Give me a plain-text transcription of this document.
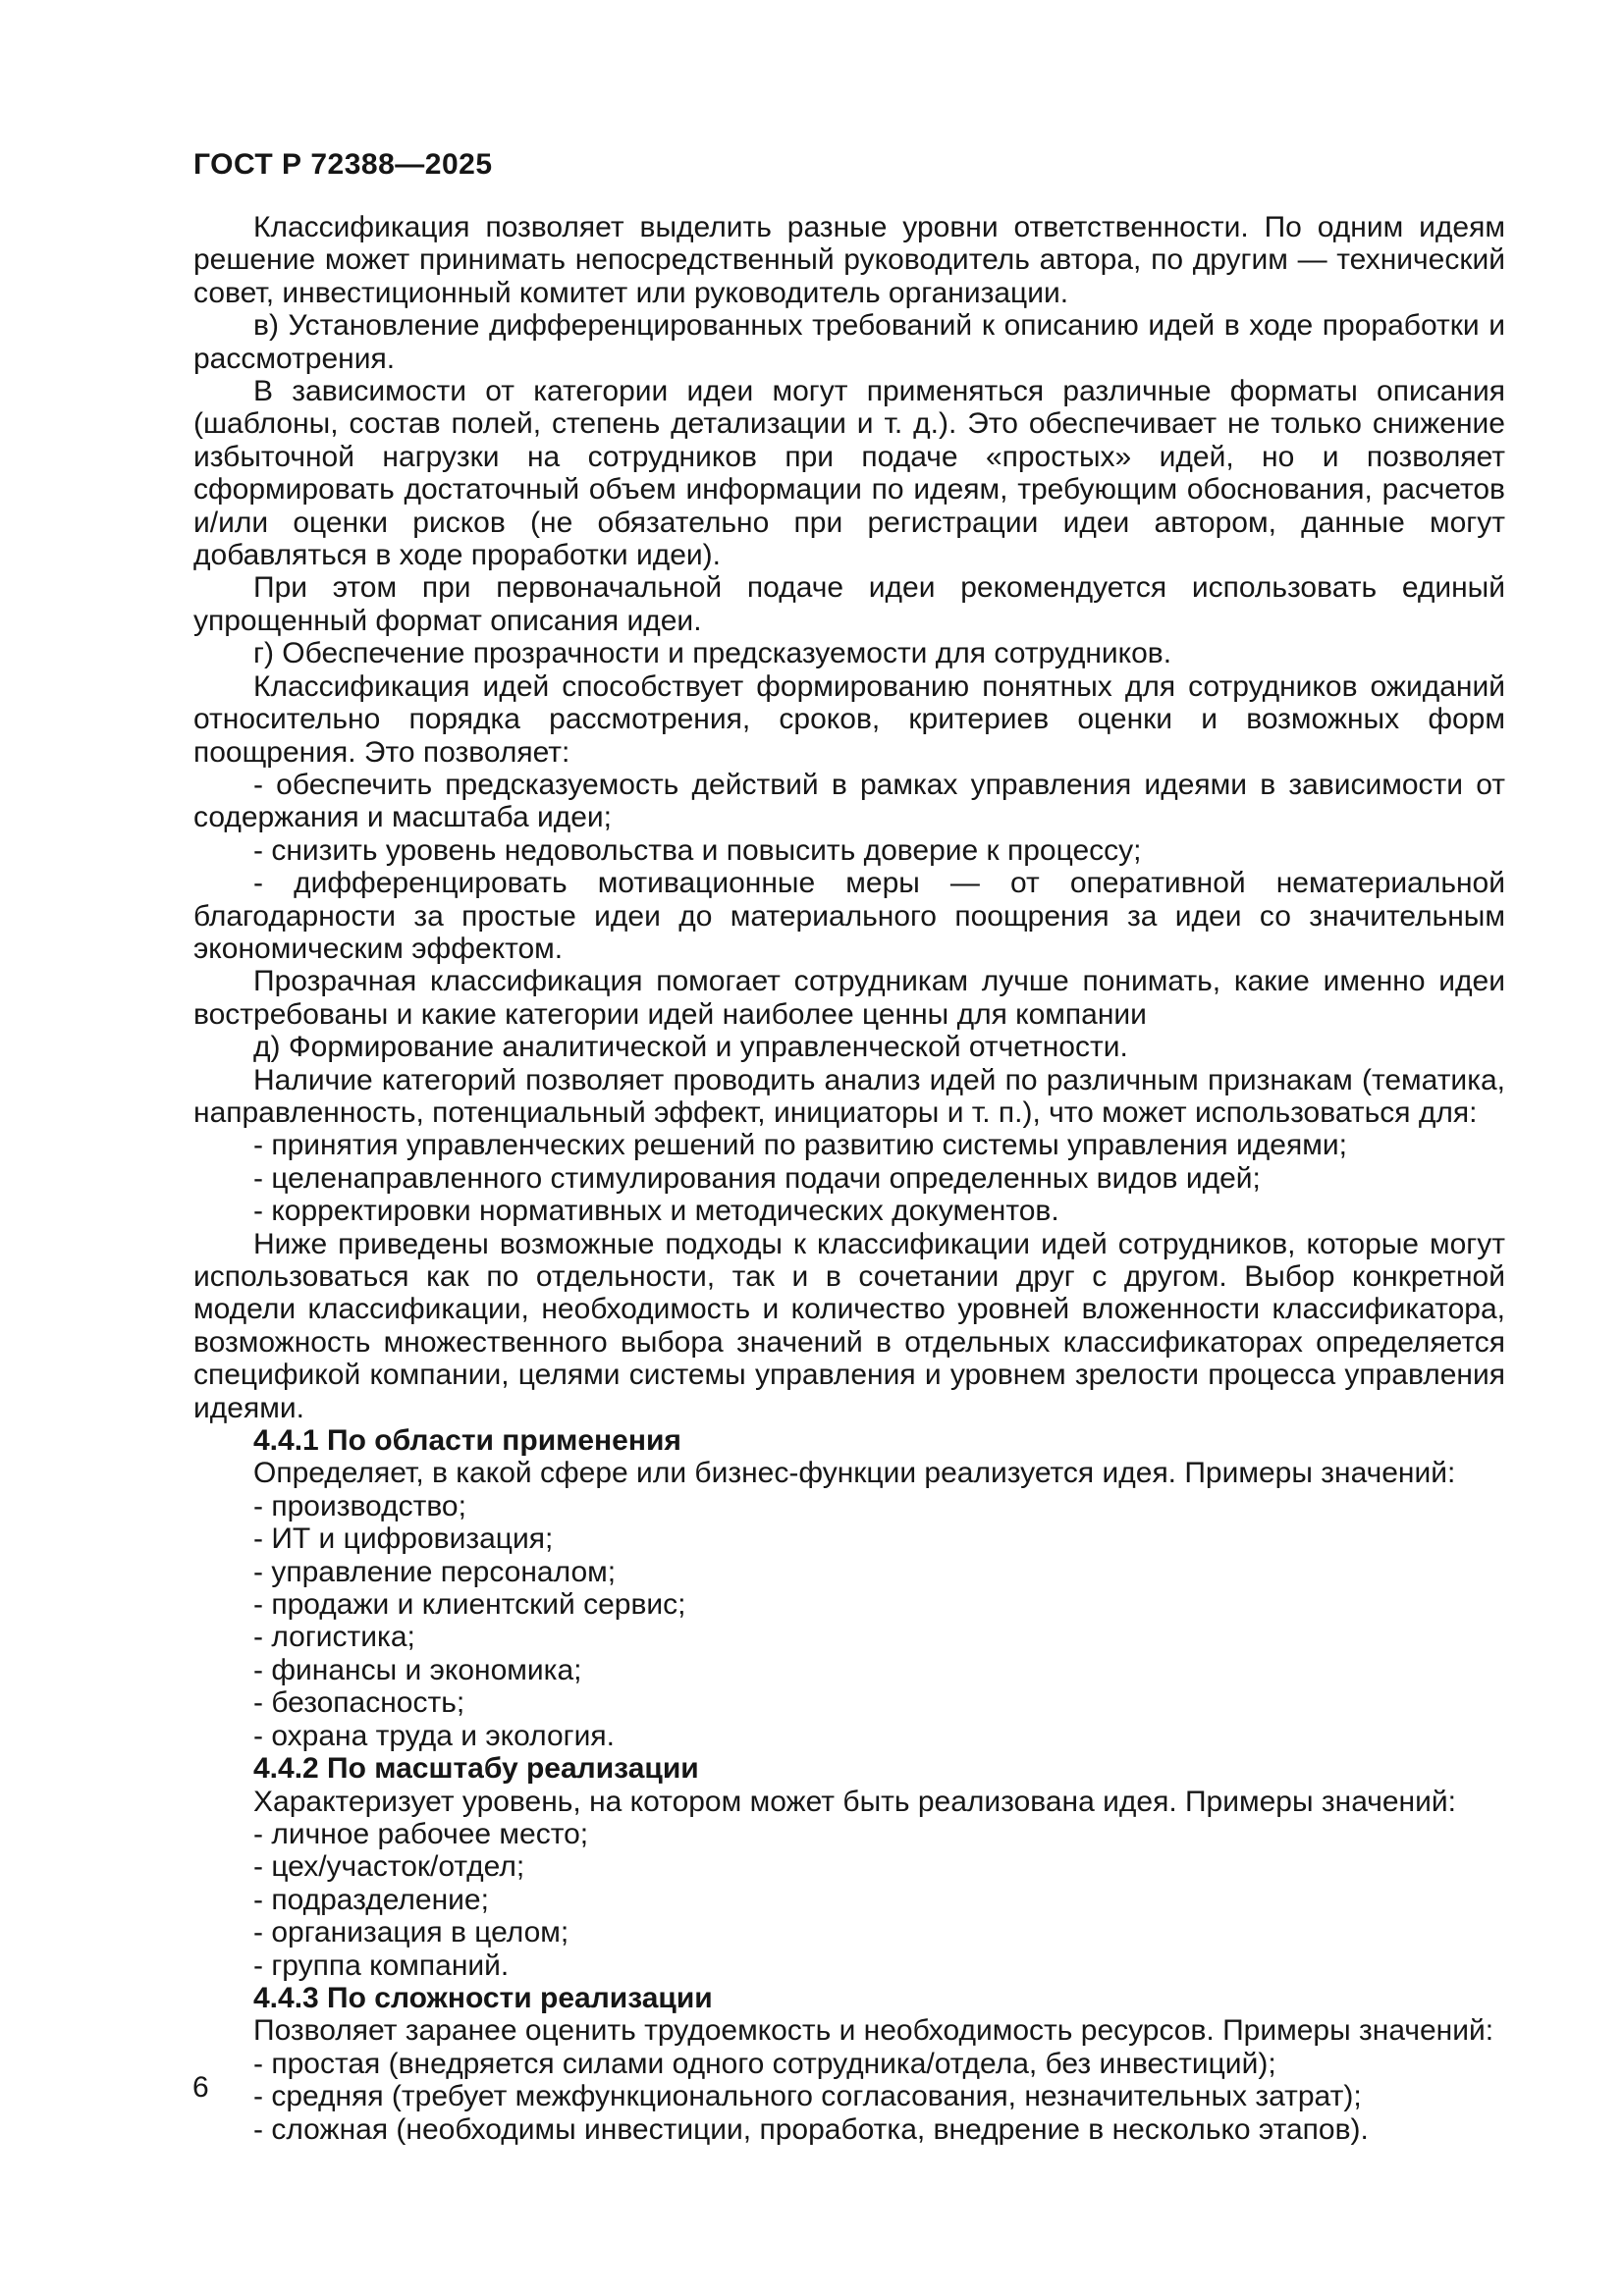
ГОСТ Р 72388—2025

Классификация позволяет выделить разные уровни ответственности. По одним идеям решение может принимать непосредственный руководитель автора, по другим — технический совет, инвестиционный комитет или руководитель организации.

в) Установление дифференцированных требований к описанию идей в ходе проработки и рассмотрения.

В зависимости от категории идеи могут применяться различные форматы описания (шаблоны, состав полей, степень детализации и т. д.). Это обеспечивает не только снижение избыточной нагрузки на сотрудников при подаче «простых» идей, но и позволяет сформировать достаточный объем информации по идеям, требующим обоснования, расчетов и/или оценки рисков (не обязательно при регистрации идеи автором, данные могут добавляться в ходе проработки идеи).

При этом при первоначальной подаче идеи рекомендуется использовать единый упрощенный формат описания идеи.

г) Обеспечение прозрачности и предсказуемости для сотрудников.

Классификация идей способствует формированию понятных для сотрудников ожиданий относительно порядка рассмотрения, сроков, критериев оценки и возможных форм поощрения. Это позволяет:

- обеспечить предсказуемость действий в рамках управления идеями в зависимости от содержания и масштаба идеи;

- снизить уровень недовольства и повысить доверие к процессу;

- дифференцировать мотивационные меры — от оперативной нематериальной благодарности за простые идеи до материального поощрения за идеи со значительным экономическим эффектом.

Прозрачная классификация помогает сотрудникам лучше понимать, какие именно идеи востребованы и какие категории идей наиболее ценны для компании

д) Формирование аналитической и управленческой отчетности.

Наличие категорий позволяет проводить анализ идей по различным признакам (тематика, направленность, потенциальный эффект, инициаторы и т. п.), что может использоваться для:

- принятия управленческих решений по развитию системы управления идеями;

- целенаправленного стимулирования подачи определенных видов идей;

- корректировки нормативных и методических документов.

Ниже приведены возможные подходы к классификации идей сотрудников, которые могут использоваться как по отдельности, так и в сочетании друг с другом. Выбор конкретной модели классификации, необходимость и количество уровней вложенности классификатора, возможность множественного выбора значений в отдельных классификаторах определяется спецификой компании, целями системы управления и уровнем зрелости процесса управления идеями.

4.4.1 По области применения

Определяет, в какой сфере или бизнес-функции реализуется идея. Примеры значений:

- производство;

- ИТ и цифровизация;

- управление персоналом;

- продажи и клиентский сервис;

- логистика;

- финансы и экономика;

- безопасность;

- охрана труда и экология.

4.4.2 По масштабу реализации

Характеризует уровень, на котором может быть реализована идея. Примеры значений:

- личное рабочее место;

- цех/участок/отдел;

- подразделение;

- организация в целом;

- группа компаний.

4.4.3 По сложности реализации

Позволяет заранее оценить трудоемкость и необходимость ресурсов. Примеры значений:

- простая (внедряется силами одного сотрудника/отдела, без инвестиций);

- средняя (требует межфункционального согласования, незначительных затрат);

- сложная (необходимы инвестиции, проработка, внедрение в несколько этапов).

6
